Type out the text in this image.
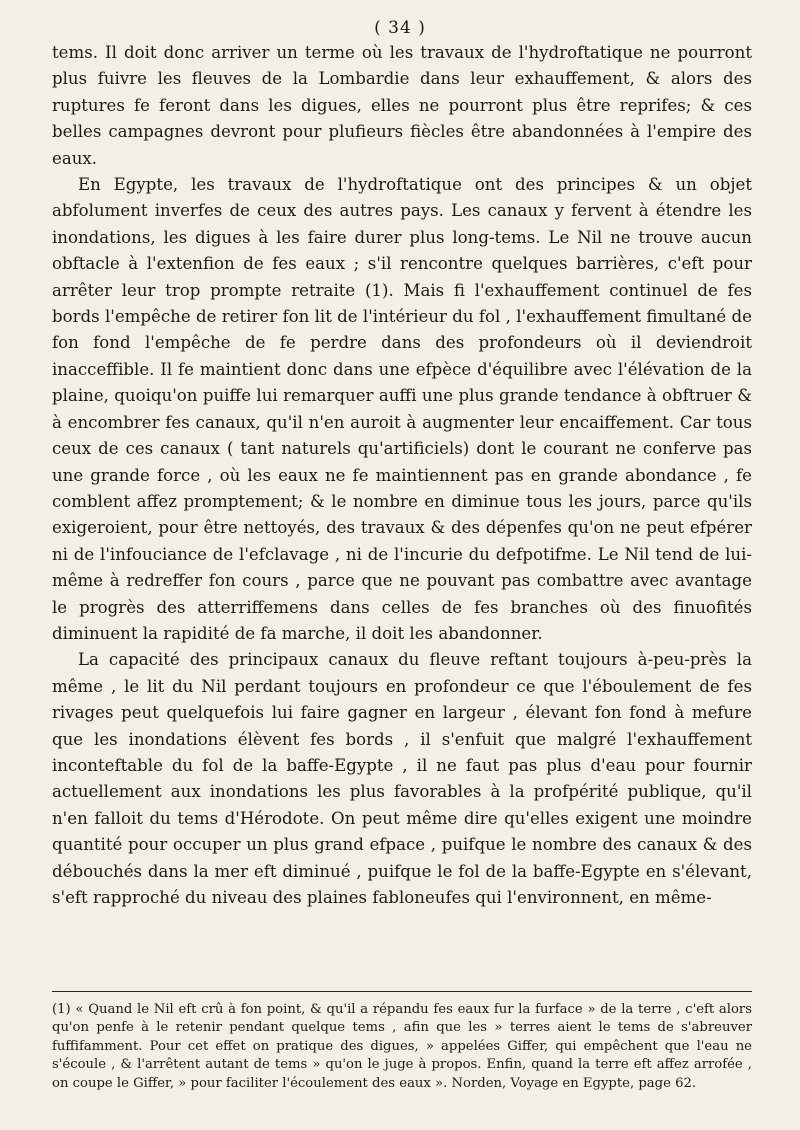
( 34 )

tems. Il doit donc arriver un terme où les travaux de l'hydroftatique ne pourront plus fuivre les fleuves de la Lombardie dans leur exhauffement, & alors des ruptures fe feront dans les digues, elles ne pourront plus être reprifes; & ces belles campagnes devront pour plufieurs fiècles être abandonnées à l'empire des eaux.

En Egypte, les travaux de l'hydroftatique ont des principes & un objet abfolument inverfes de ceux des autres pays. Les canaux y fervent à étendre les inondations, les digues à les faire durer plus long-tems. Le Nil ne trouve aucun obftacle à l'extenfion de fes eaux ; s'il rencontre quelques barrières, c'eft pour arrêter leur trop prompte retraite (1). Mais fi l'exhauffement continuel de fes bords l'empêche de retirer fon lit de l'intérieur du fol , l'exhauffement fimultané de fon fond l'empêche de fe perdre dans des profondeurs où il deviendroit inacceffible. Il fe maintient donc dans une efpèce d'équilibre avec l'élévation de la plaine, quoiqu'on puiffe lui remarquer auffi une plus grande tendance à obftruer & à encombrer fes canaux, qu'il n'en auroit à augmenter leur encaiffement. Car tous ceux de ces canaux ( tant naturels qu'artificiels) dont le courant ne conferve pas une grande force , où les eaux ne fe maintiennent pas en grande abondance , fe comblent affez promptement; & le nombre en diminue tous les jours, parce qu'ils exigeroient, pour être nettoyés, des travaux & des dépenfes qu'on ne peut efpérer ni de l'infouciance de l'efclavage , ni de l'incurie du defpotifme. Le Nil tend de lui-même à redreffer fon cours , parce que ne pouvant pas combattre avec avantage le progrès des atterriffemens dans celles de fes branches où des finuofités diminuent la rapidité de fa marche, il doit les abandonner.

La capacité des principaux canaux du fleuve reftant toujours à-peu-près la même , le lit du Nil perdant toujours en profondeur ce que l'éboulement de fes rivages peut quelquefois lui faire gagner en largeur , élevant fon fond à mefure que les inondations élèvent fes bords , il s'enfuit que malgré l'exhauffement inconteftable du fol de la baffe-Egypte , il ne faut pas plus d'eau pour fournir actuellement aux inondations les plus favorables à la profpérité publique, qu'il n'en falloit du tems d'Hérodote. On peut même dire qu'elles exigent une moindre quantité pour occuper un plus grand efpace , puifque le nombre des canaux & des débouchés dans la mer eft diminué , puifque le fol de la baffe-Egypte en s'élevant, s'eft rapproché du niveau des plaines fabloneufes qui l'environnent, en même-

(1) « Quand le Nil eft crû à fon point, & qu'il a répandu fes eaux fur la furface » de la terre , c'eft alors qu'on penfe à le retenir pendant quelque tems , afin que les » terres aient le tems de s'abreuver fuffifamment. Pour cet effet on pratique des digues, » appelées Giffer, qui empêchent que l'eau ne s'écoule , & l'arrêtent autant de tems » qu'on le juge à propos. Enfin, quand la terre eft affez arrofée , on coupe le Giffer, » pour faciliter l'écoulement des eaux ». Norden, Voyage en Egypte, page 62.
